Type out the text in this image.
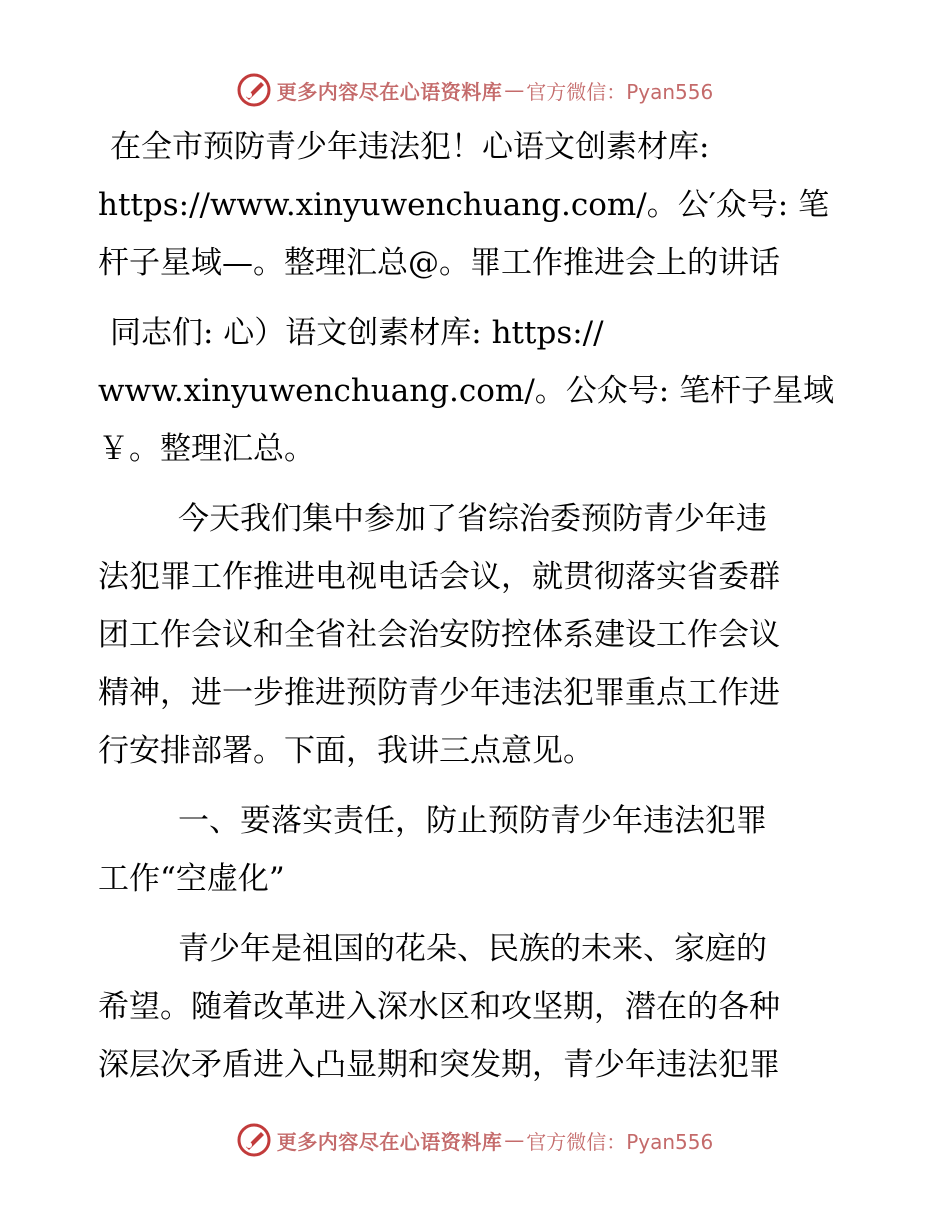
更多内容尽在心语资料库 — 官方微信：Pyan556
在全市预防青少年违法犯！心语文创素材库:
https://www.xinyuwenchuang.com/。公′众号: 笔
杆子星域—。整理汇总@。罪工作推进会上的讲话
同志们: 心）语文创素材库: https://
www.xinyuwenchuang.com/。公众号: 笔杆子星域
￥。整理汇总。
今天我们集中参加了省综治委预防青少年违
法犯罪工作推进电视电话会议，就贯彻落实省委群
团工作会议和全省社会治安防控体系建设工作会议
精神，进一步推进预防青少年违法犯罪重点工作进
行安排部署。下面，我讲三点意见。
一、要落实责任，防止预防青少年违法犯罪
工作“空虚化”
青少年是祖国的花朵、民族的未来、家庭的
希望。随着改革进入深水区和攻坚期，潜在的各种
深层次矛盾进入凸显期和突发期，青少年违法犯罪
更多内容尽在心语资料库 — 官方微信：Pyan556
